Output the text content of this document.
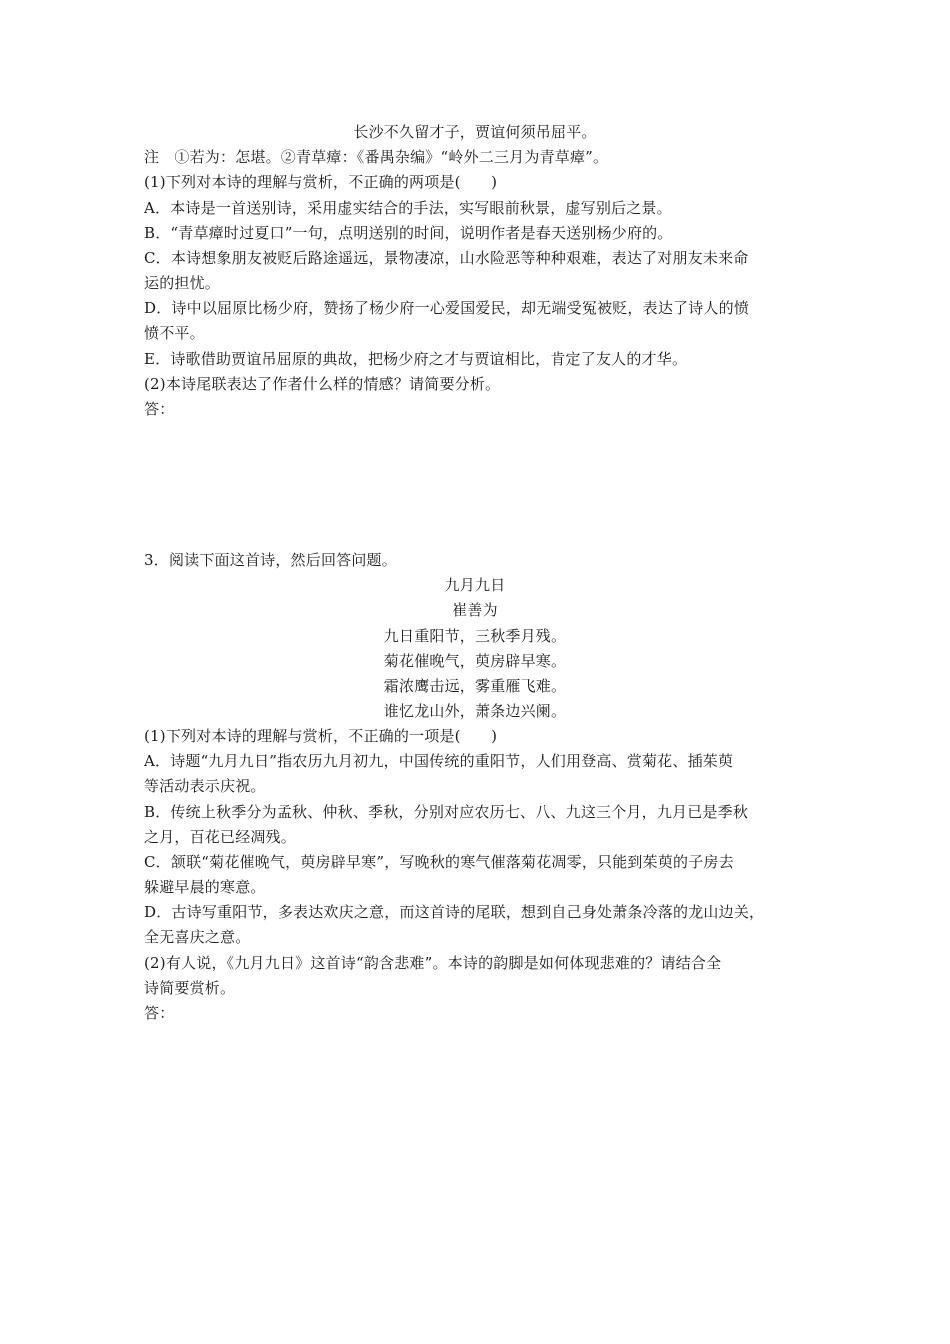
长沙不久留才子，贾谊何须吊屈平。
注　①若为：怎堪。②青草瘴：《番禺杂编》“岭外二三月为青草瘴”。
(1)下列对本诗的理解与赏析，不正确的两项是(　　)
A．本诗是一首送别诗，采用虚实结合的手法，实写眼前秋景，虚写别后之景。
B．“青草瘴时过夏口”一句，点明送别的时间，说明作者是春天送别杨少府的。
C．本诗想象朋友被贬后路途遥远，景物凄凉，山水险恶等种种艰难，表达了对朋友未来命
运的担忧。
D．诗中以屈原比杨少府，赞扬了杨少府一心爱国爱民，却无端受冤被贬，表达了诗人的愤
愤不平。
E．诗歌借助贾谊吊屈原的典故，把杨少府之才与贾谊相比，肯定了友人的才华。
(2)本诗尾联表达了作者什么样的情感？请简要分析。
答：
3．阅读下面这首诗，然后回答问题。
九月九日
崔善为
九日重阳节，三秋季月残。
菊花催晚气，萸房辟早寒。
霜浓鹰击远，雾重雁飞难。
谁忆龙山外，萧条边兴阑。
(1)下列对本诗的理解与赏析，不正确的一项是(　　)
A．诗题“九月九日”指农历九月初九，中国传统的重阳节，人们用登高、赏菊花、插茱萸
等活动表示庆祝。
B．传统上秋季分为孟秋、仲秋、季秋，分别对应农历七、八、九这三个月，九月已是季秋
之月，百花已经凋残。
C．颔联“菊花催晚气，萸房辟早寒”，写晚秋的寒气催落菊花凋零，只能到茱萸的子房去
躲避早晨的寒意。
D．古诗写重阳节，多表达欢庆之意，而这首诗的尾联，想到自己身处萧条冷落的龙山边关，
全无喜庆之意。
(2)有人说，《九月九日》这首诗“韵含悲难”。本诗的韵脚是如何体现悲难的？请结合全
诗简要赏析。
答：
